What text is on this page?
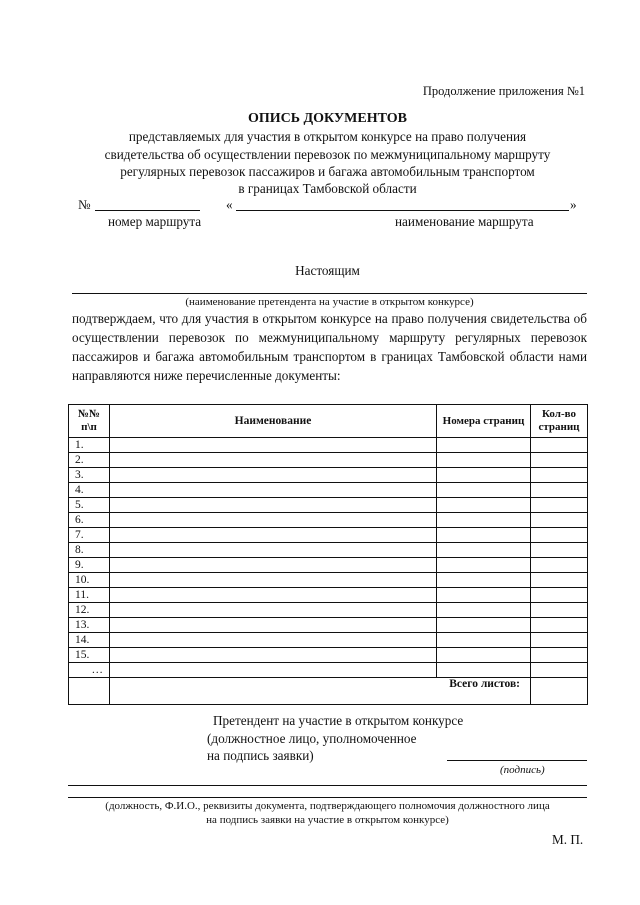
Продолжение приложения №1
ОПИСЬ ДОКУМЕНТОВ
представляемых для участия в открытом конкурсе на право получения
свидетельства об осуществлении перевозок по межмуниципальному маршруту
регулярных перевозок пассажиров и багажа автомобильным транспортом
в границах Тамбовской области
№	«	»
номер маршрута	наименование маршрута
Настоящим
(наименование претендента на участие в открытом конкурсе)
подтверждаем, что для участия в открытом конкурсе на право получения свидетельства об осуществлении перевозок по межмуниципальному маршруту регулярных перевозок пассажиров и багажа автомобильным транспортом в границах Тамбовской области нами направляются ниже перечисленные документы:
№№ п\п	Наименование	Номера страниц	Кол-во страниц
1.			
2.			
3.			
4.			
5.			
6.			
7.			
8.			
9.			
10.			
11.			
12.			
13.			
14.			
15.			
…			
	Всего листов:		
Претендент на участие в открытом конкурсе
(должностное лицо, уполномоченное
на подпись заявки)
(подпись)
(должность, Ф.И.О., реквизиты документа, подтверждающего полномочия должностного лица
на подпись заявки на участие в открытом конкурсе)
М. П.
